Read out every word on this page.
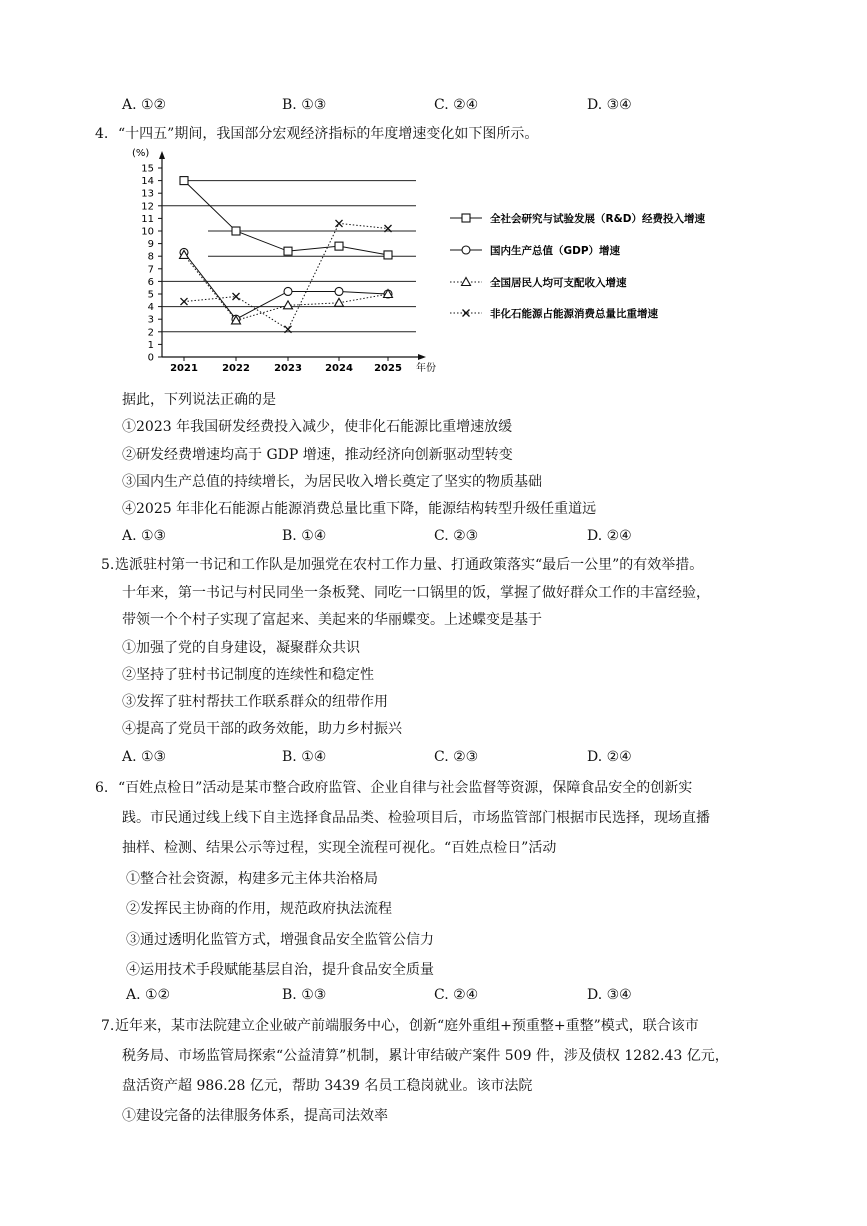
A. ①②	B. ①③	C. ②④	D. ③④
4. “十四五”期间，我国部分宏观经济指标的年度增速变化如下图所示。
(%)
年份
0
1
2
3
4
5
6
7
8
9
10
11
12
13
14
15
2021 2022 2023 2024 2025
全社会研究与试验发展（R&D）经费投入增速
国内生产总值（GDP）增速
全国居民人均可支配收入增速
非化石能源占能源消费总量比重增速
据此，下列说法正确的是
①2023 年我国研发经费投入减少，使非化石能源比重增速放缓
②研发经费增速均高于 GDP 增速，推动经济向创新驱动型转变
③国内生产总值的持续增长，为居民收入增长奠定了坚实的物质基础
④2025 年非化石能源占能源消费总量比重下降，能源结构转型升级任重道远
A. ①③	B. ①④	C. ②③	D. ②④
5. 选派驻村第一书记和工作队是加强党在农村工作力量、打通政策落实“最后一公里”的有效举措。
十年来，第一书记与村民同坐一条板凳、同吃一口锅里的饭，掌握了做好群众工作的丰富经验，
带领一个个村子实现了富起来、美起来的华丽蝶变。上述蝶变是基于
①加强了党的自身建设，凝聚群众共识
②坚持了驻村书记制度的连续性和稳定性
③发挥了驻村帮扶工作联系群众的纽带作用
④提高了党员干部的政务效能，助力乡村振兴
A. ①③	B. ①④	C. ②③	D. ②④
6. “百姓点检日”活动是某市整合政府监管、企业自律与社会监督等资源，保障食品安全的创新实
践。市民通过线上线下自主选择食品品类、检验项目后，市场监管部门根据市民选择，现场直播
抽样、检测、结果公示等过程，实现全流程可视化。“百姓点检日”活动
①整合社会资源，构建多元主体共治格局
②发挥民主协商的作用，规范政府执法流程
③通过透明化监管方式，增强食品安全监管公信力
④运用技术手段赋能基层自治，提升食品安全质量
A. ①②	B. ①③	C. ②④	D. ③④
7. 近年来，某市法院建立企业破产前端服务中心，创新“庭外重组+预重整+重整”模式，联合该市
税务局、市场监管局探索“公益清算”机制，累计审结破产案件 509 件，涉及债权 1282.43 亿元，
盘活资产超 986.28 亿元，帮助 3439 名员工稳岗就业。该市法院
①建设完备的法律服务体系，提高司法效率
